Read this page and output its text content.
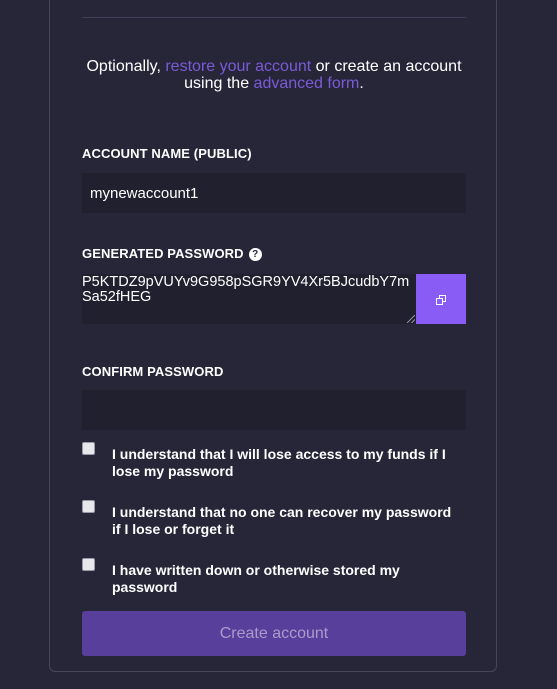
Optionally, restore your account or create an account using the advanced form.
ACCOUNT NAME (PUBLIC)
mynewaccount1
GENERATED PASSWORD ?
P5KTDZ9pVUYv9G958pSGR9YV4Xr5BJcudbY7mSa52fHEG
CONFIRM PASSWORD
I understand that I will lose access to my funds if I lose my password
I understand that no one can recover my password if I lose or forget it
I have written down or otherwise stored my password
Create account
